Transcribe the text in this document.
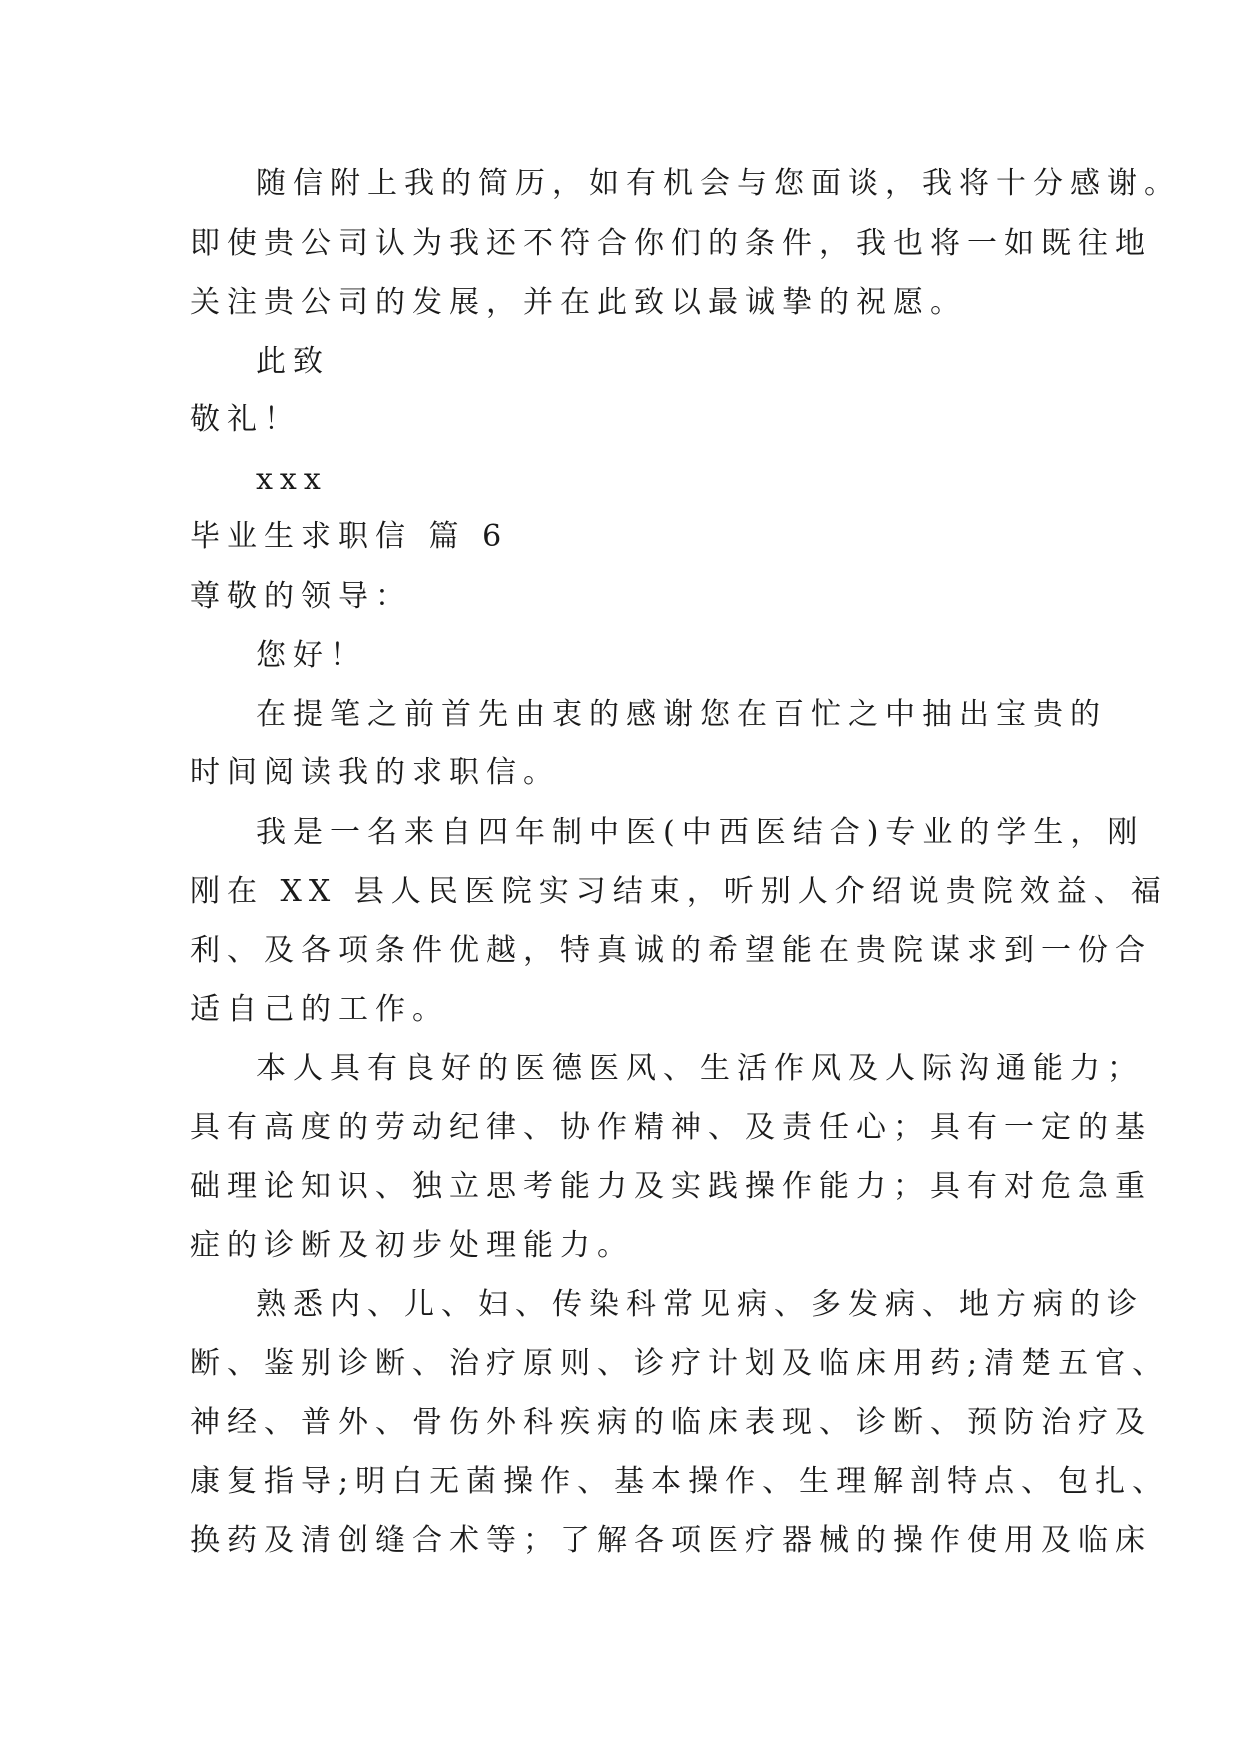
随信附上我的简历，如有机会与您面谈，我将十分感谢。

即使贵公司认为我还不符合你们的条件，我也将一如既往地

关注贵公司的发展，并在此致以最诚挚的祝愿。

此致

敬礼！

xxx

毕业生求职信 篇 6

尊敬的领导：

您好！

在提笔之前首先由衷的感谢您在百忙之中抽出宝贵的

时间阅读我的求职信。

我是一名来自四年制中医(中西医结合)专业的学生，刚

刚在 XX 县人民医院实习结束，听别人介绍说贵院效益、福

利、及各项条件优越，特真诚的希望能在贵院谋求到一份合

适自己的工作。

本人具有良好的医德医风、生活作风及人际沟通能力；

具有高度的劳动纪律、协作精神、及责任心；具有一定的基

础理论知识、独立思考能力及实践操作能力；具有对危急重

症的诊断及初步处理能力。

熟悉内、儿、妇、传染科常见病、多发病、地方病的诊

断、鉴别诊断、治疗原则、诊疗计划及临床用药;清楚五官、

神经、普外、骨伤外科疾病的临床表现、诊断、预防治疗及

康复指导;明白无菌操作、基本操作、生理解剖特点、包扎、

换药及清创缝合术等；了解各项医疗器械的操作使用及临床
